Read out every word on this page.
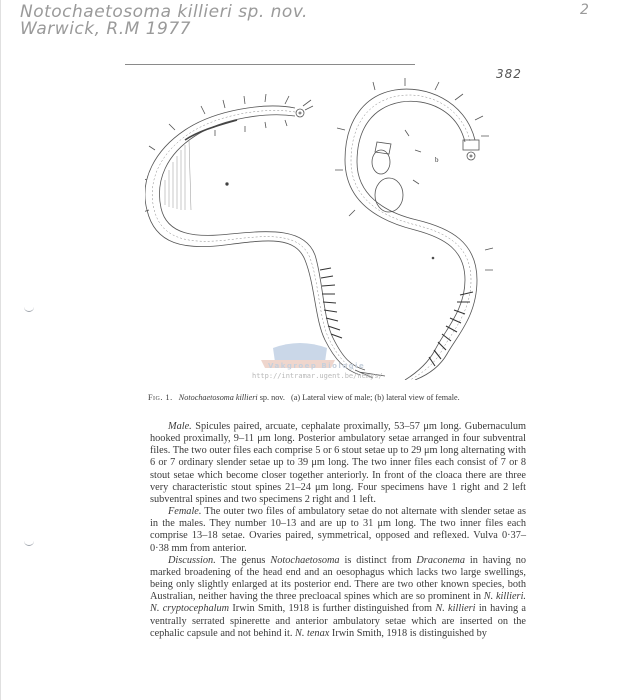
Notochaetosoma killieri sp. nov.
Warwick, R.M 1977
2
382
b
Vakgroep Biologie
http://intramar.ugent.be/nemys/
Fig. 1. Notochaetosoma killieri sp. nov. (a) Lateral view of male; (b) lateral view of female.

Male. Spicules paired, arcuate, cephalate proximally, 53–57 μm long. Gubernaculum hooked proximally, 9–11 μm long. Posterior ambulatory setae arranged in four subventral files. The two outer files each comprise 5 or 6 stout setae up to 29 μm long alternating with 6 or 7 ordinary slender setae up to 39 μm long. The two inner files each consist of 7 or 8 stout setae which become closer together anteriorly. In front of the cloaca there are three very characteristic stout spines 21–24 μm long. Four specimens have 1 right and 2 left subventral spines and two specimens 2 right and 1 left.

Female. The outer two files of ambulatory setae do not alternate with slender setae as in the males. They number 10–13 and are up to 31 μm long. The two inner files each comprise 13–18 setae. Ovaries paired, symmetrical, opposed and reflexed. Vulva 0·37–0·38 mm from anterior.

Discussion. The genus Notochaetosoma is distinct from Draconema in having no marked broadening of the head end and an oesophagus which lacks two large swellings, being only slightly enlarged at its posterior end. There are two other known species, both Australian, neither having the three precloacal spines which are so prominent in N. killieri. N. cryptocephalum Irwin Smith, 1918 is further distinguished from N. killieri in having a ventrally serrated spinerette and anterior ambulatory setae which are inserted on the cephalic capsule and not behind it. N. tenax Irwin Smith, 1918 is distinguished by
